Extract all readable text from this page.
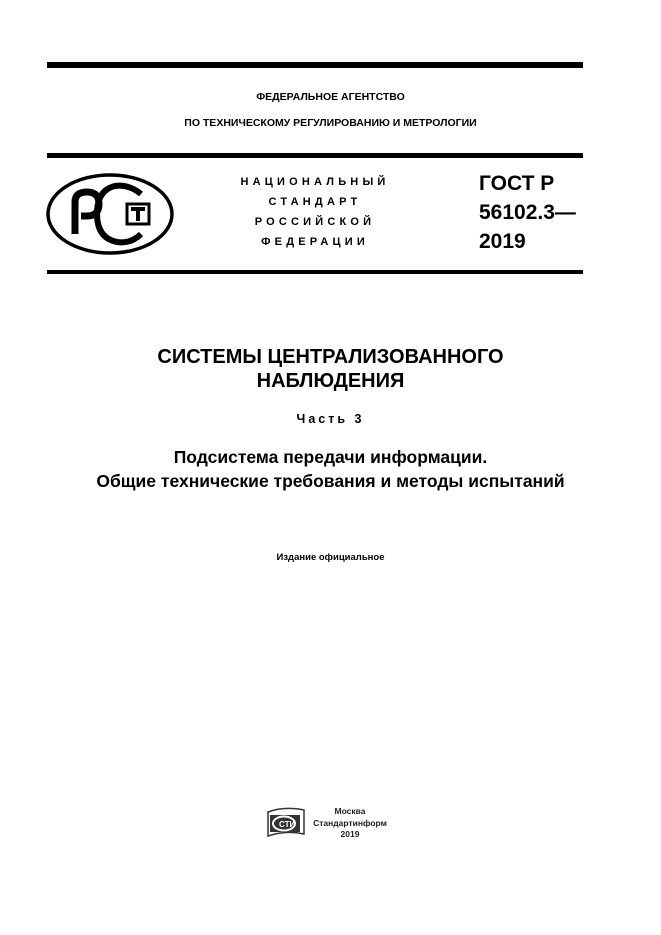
ФЕДЕРАЛЬНОЕ АГЕНТСТВО
ПО ТЕХНИЧЕСКОМУ РЕГУЛИРОВАНИЮ И МЕТРОЛОГИИ
НАЦИОНАЛЬНЫЙ
СТАНДАРТ
РОССИЙСКОЙ
ФЕДЕРАЦИИ
ГОСТ Р
56102.3—
2019
СИСТЕМЫ ЦЕНТРАЛИЗОВАННОГО
НАБЛЮДЕНИЯ
Часть 3
Подсистема передачи информации.
Общие технические требования и методы испытаний
Издание официальное
СТИ
Москва
Стандартинформ
2019
